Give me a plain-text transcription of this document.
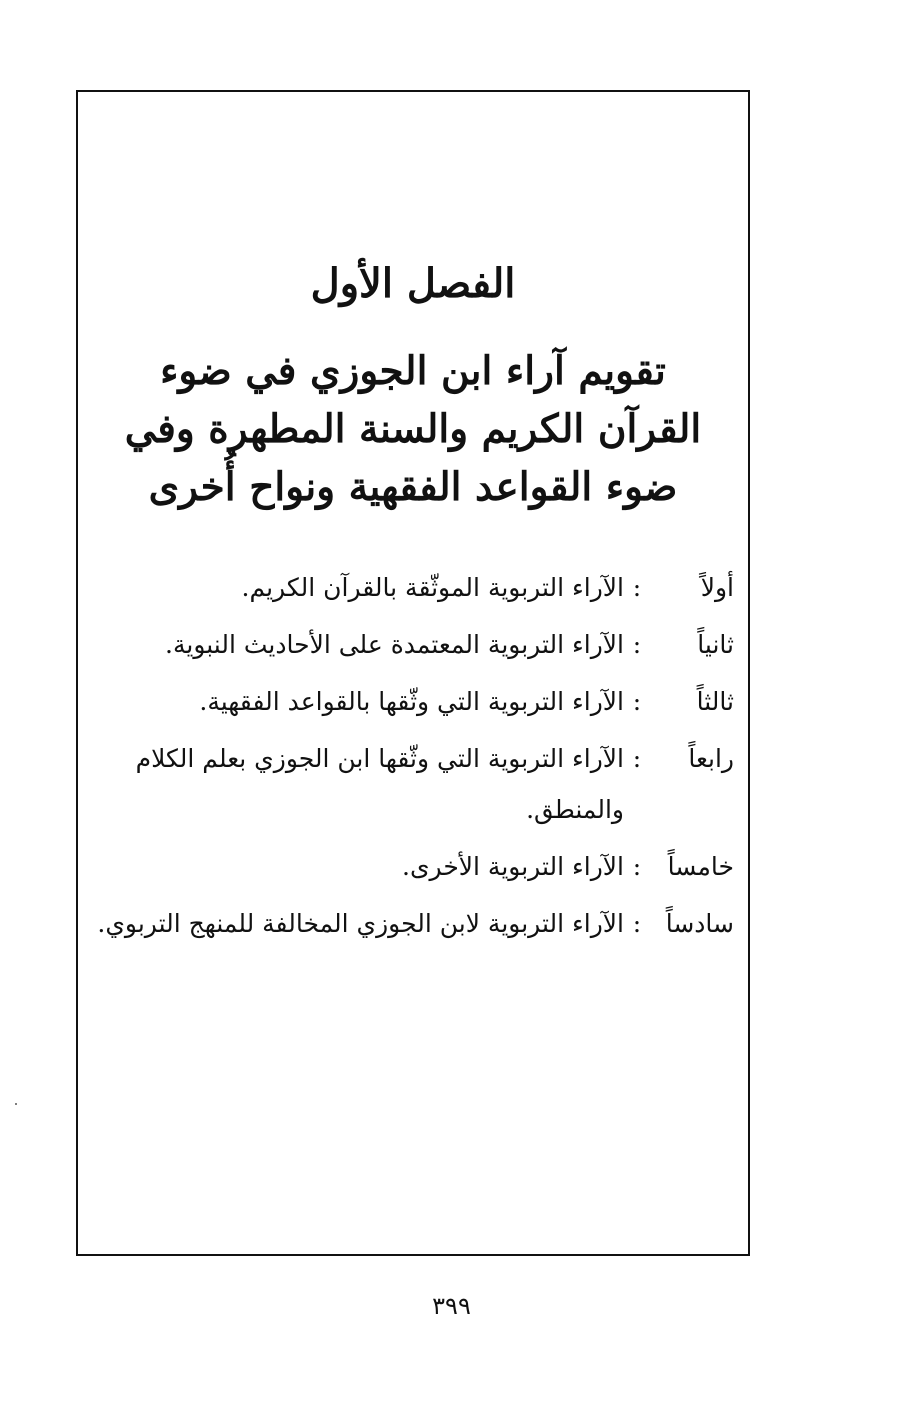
الفصل الأول
تقويم آراء ابن الجوزي في ضوء القرآن الكريم والسنة المطهرة وفي ضوء القواعد الفقهية ونواح أُخرى
أولاً
:
الآراء التربوية الموثّقة بالقرآن الكريم.
ثانياً
:
الآراء التربوية المعتمدة على الأحاديث النبوية.
ثالثاً
:
الآراء التربوية التي وثّقها بالقواعد الفقهية.
رابعاً
:
الآراء التربوية التي وثّقها ابن الجوزي بعلم الكلام والمنطق.
خامساً
:
الآراء التربوية الأخرى.
سادساً
:
الآراء التربوية لابن الجوزي المخالفة للمنهج التربوي.

٣٩٩
